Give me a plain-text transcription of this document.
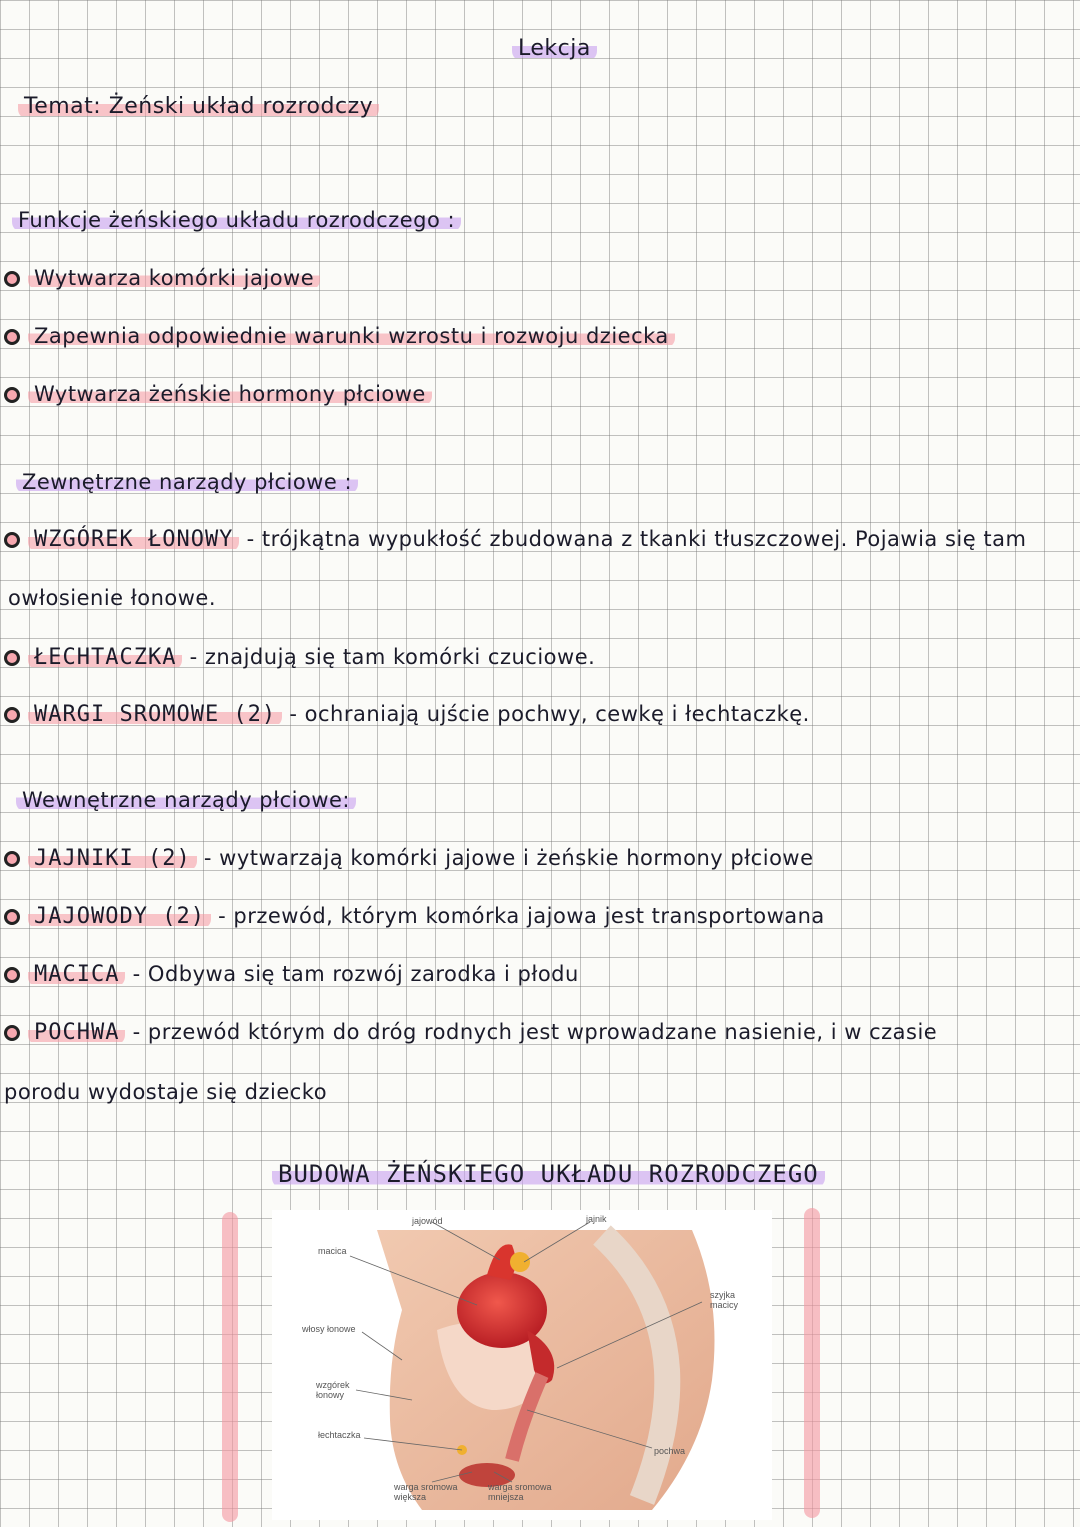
Lekcja
Temat: Żeński układ rozrodczy
Funkcje żeńskiego układu rozrodczego :
Wytwarza komórki jajowe
Zapewnia odpowiednie warunki wzrostu i rozwoju dziecka
Wytwarza żeńskie hormony płciowe
Zewnętrzne narządy płciowe :
WZGÓREK ŁONOWY - trójkątna wypukłość zbudowana z tkanki tłuszczowej. Pojawia się tam
owłosienie łonowe.
ŁECHTACZKA - znajdują się tam komórki czuciowe.
WARGI SROMOWE (2) - ochraniają ujście pochwy, cewkę i łechtaczkę.
Wewnętrzne narządy płciowe:
JAJNIKI (2) - wytwarzają komórki jajowe i żeńskie hormony płciowe
JAJOWODY (2) - przewód, którym komórka jajowa jest transportowana
MACICA - Odbywa się tam rozwój zarodka i płodu
POCHWA - przewód którym do dróg rodnych jest wprowadzane nasienie, i w czasie
porodu wydostaje się dziecko
BUDOWA ŻEŃSKIEGO UKŁADU ROZRODCZEGO
jajowód	jajnik
macica
szyjka
macicy
włosy łonowe
wzgórek
łonowy
łechtaczka
pochwa
warga sromowa
większa
warga sromowa
mniejsza
